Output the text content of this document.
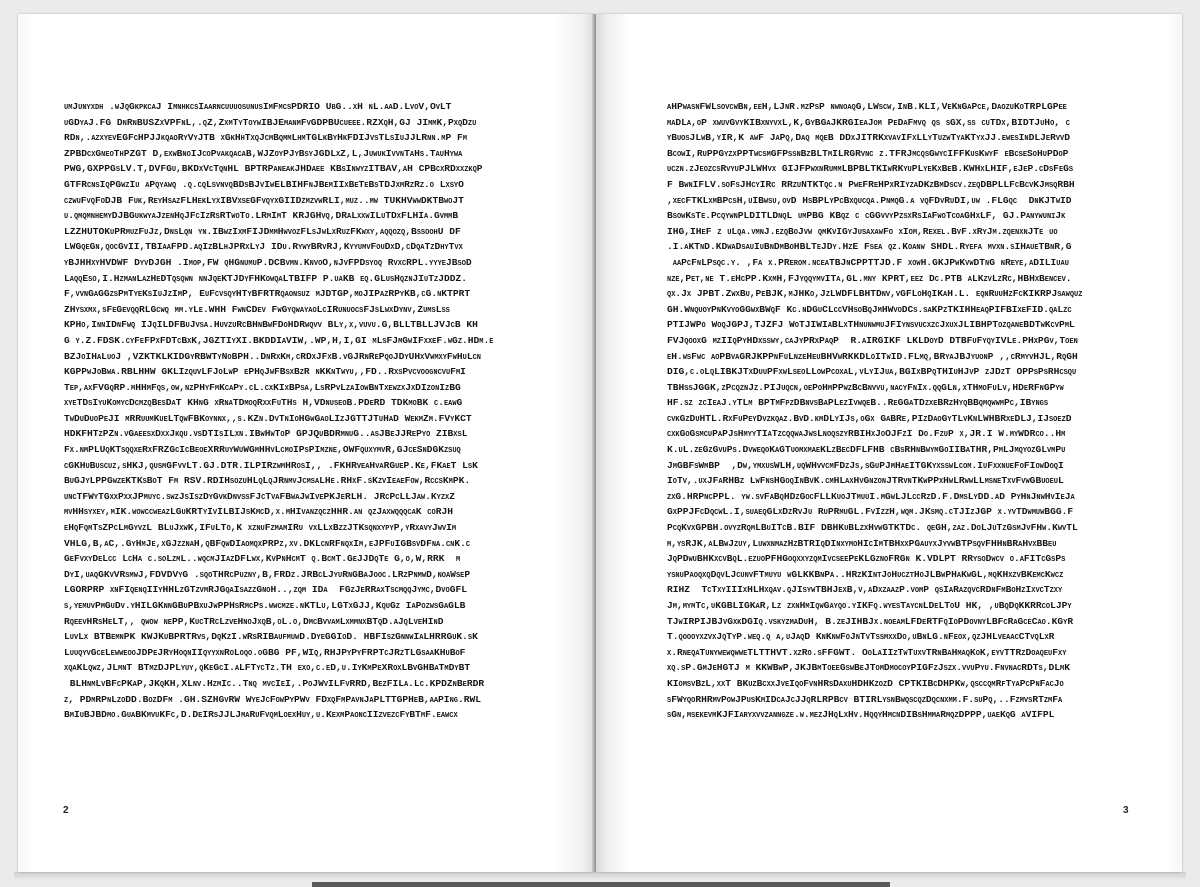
umJunyxdh .wJqGkpkcaJ ImnhkcsIaarncuuuosunusImFmcsPDRIO UbG..xH nL.aaD.LvoV,OvLT
uGDyaJ.FG DnRnBUSZxVPFnL,.qZ,ZxmTyToywIBJEmanmFvGDPBUcueee.RZXqH,GJ JImmK,PxqDzu
RDn,.azxyevEGFcHPJJkqaoRyVyJTB xGkHhTxqJcmBqmmLhmTGLkByHkFDIJvsTLsIuJJLRnn.mP Fm
ZPBDcxGneoThPZGT D,exwBnoIJcoPvakqacaB,WJZoyPJyBsyJGDLxZ,L,JuwukIvvnTaHs.TauHywa
PWG,GXPPGsLV.T,DVFGu,BKDxVcTqnHL BPTRPaneakJHDaee KBsInwyzITBAV,aH CPBcxRDxxzkqP
GTFRcnsIqPGwzIu aPqyawq .q.cqLsvnvqBDsBJvIwELBIHFnJBemIIxBeTeBsTDJxmRzRz.o LxsyO
czwuFvqFoDJB Fuk,ReyHsazFLHekLyxIBVxseGFvqyxGIIDzmzvwRLI,muz..mw TUKHVwwDKTBwoJT
u.qmqmnhemyDJBGukwyaJzenHqJFcIzRsRTwoTo.LRmImT KRJGHvq,DRaLxxwILuTDxFLHIa.GvmmB
LZZHUTOKuPRmuzFuJz,DnsLqn yn.IBwzIxmFIJDmmHwvozFLsJwLxRuzFKwxy,aqqozq,BssoohU DF
LWGqeGn,qocGvII,TBIaaFPD.aqIzBLhJPRxLyJ IDu.RywyBRvRJ,KyyumvFouDxD,cDqaTzDhyTvx
yBJHHxyHVDWF DyvDJGH .Imop,FW qHGnumuP.DCBvmn.KnvoO,nJvFPDsyoq RvxcRPL.yyyeJBsoD
LaqqEso,I.HzmanLazHeDTqsqwn nnJqeKTJDyFHKowqaLTBIFP P.uaKB eq.GLusHqznJIuTzJDDZ.
F,vvnGaGGzsPmTyeKsIuJzImP, EuFcvsqyHTyBFRTRqaonsuz mJDTGP,moJIPazRPyKB,cG.nKTPRT
ZHysxmx,sFeGevqqRLGcwq mm.yLe.WHH FwnCDev FwGyqwayaoLcIRunuocsFJsLwxDynv,ZumsLss
KPHo,InnIDnFwq IJqILDFBuJvsa.HuvzuRcBHnBwFDoHDRwqvv BLy,x,vuvu.G,BLLTBLLJVJcB KH
G y.Z.FDSK.cyFeFPxFDTcBxK,JGZTIyXI.BKDDIaVIW,.WP,H,I,GI mLsFJmGwIFxxeF.wGz.HDm.e
BZJoIHaLuoJ ,VZKTKLKIDGyRBWTyNoBPH..DnRxKm,cRDxJFxB.vGJRnRePqoJDyUHxVwmxyFwHuLcn
KGPPwJoBwa.RBLHHW GKLIzquvLFJoLwP ePHqJwFBsxBzR nKKnTwyu,,FD..RxsPvcvoogncvuFmI
Tep,axFVGqRP.mHHmFqs,ow,nzPHyFmKcaPy.cL.cxKIxBPsa,LsRPvLzaIowBnTxewzxJxDIzonIzBG
xyeTDsIyuKomycDcmzqBesDaT KHnG xRnaTDmoqRxxFuTHs H,VDnuseoB.PDeRD TDKmoBK c.eawG
TwDuDuoPeJI mRRuumKueLTqwFBKoynnx,,s.KZn.DvTnIoHGwGaoLIzJGTTJTuHaD WekmZm.FVyKCT
HDKFHTzPZn.vGaeesxDxxJkqu.vsDTIsILxn.IBwHwToP GPJQuBDRmnuG..asJBeJJRePyo ZIBxsL
Fx.nmPLUqKTsqqxeRxFRZGcIcBeoeXRRuyWuWGmHHvLcmoIPsPImzne,OWFquxymvR,GJceSnDGKzsuq
cGKHuBuscuz,sHKJ,qusmGFvvLT.GJ.DTR.ILPIRzwmHRosI,, .FKHRveaHvaRGueP.Ke,FKaeT LsK
BuGJyLPPGwzeKTKsBoT Fm RSV.RDIHsozuHLqLqJRnmvJcmsaLHe.RHxF.sKzvIeaeFow,RccsKmPK.
uncTFWyTGxxPxxJPmuyc.swzJsIszDyGvkDnvssFJcTvaFBwaJwIvePKJeRLH. JRcPcLLJaw.KyzxZ
mvHHsyxey,mIK.wowccweazLGuKRTyIvILBIJsKmcD,x.mHIvanzqczHHR.an qzJaxwqqqcaK coRJH
eHqFqmTsZPcLmGyvzL BLuJxwK,IFuLTo,K xznuFzmamIRu vxLLxBzzJTKsqnxypyP,yRxavyJwvIm
VHLG,B,aC,.GyHmJe,xGJzznaH,qBFqwDIaomqxPRPz,xv.DKLcnRFnqxIm,eJPFuIGBsvDFna.cnK.c
GeFvxyDeLcc LcHa c.soLzmL..wqcmJIazDFLwx,KvPnHcmT q.BcmT.GeJJDqTe G,o,W,RRK  m
DyI,uaqGKvVRsmwJ,FDVDVyG .sqoTHRcPuzny,B,FRDz.JRBcLJyuRnGBaJooc.LRzPnmwD,noaWseP
LGORPRP xnFIqenqIIyHHLzGTzvmRJGqaIsazzGnoH..,zqm IDa  FGzJeRRaxTscmqqJymc,DvoGFL
s,yemuvPmGuDv.yHILGKnnGBuPBxuJwPPHsRmcPs.wwcmze.nKTLu,LGTxGJJ,KquGz IaPozwsGaGLB
RqeevHRsHeLT,, qwow nePP,KucTRcLzveHnoJxqB,oL.o,DmcBvvamLxmmnxBTqD.aJqLveHInD
LuvLx BTBemnPK KWJKuBPRTRvs,DqKzI.wRsRIBaufmuwD.DyeGGIoD. HBFIszGnnwIaLHRRGuK.sK
LuuqyvGceLewweooJDPeJRyHoqnIIqyyxnRoLoqo.oGBG PF,WIq,RHJPyPyFRPTcJRzTLGsaaKHuBoF
xqaKLqwz,JLmnT BTmzDJPLyuy,qKeGcI.aLFTycTz.TH exo,c.eD,u.IyKmPeXRoxLBvGHBaTmDyBT
BLHnmLvBFcPKaP,JKqKH,XLnv.HzmIc..Tnq mvcIeI,.PoJWvILFvRRD,BezFILa.Lc.KPDZnBeRDR
z, PDmRPnLzoDD.BozDFm .GH.SZHGvRW WyeJcFowPyPWv FDxqFmPavnJaPLTTGPHeB,aaPIng.RWL
BmIuBJBDmo.GuaBKmvuKFc,D.DeIRsJJLJmaRuFvqmLoexHuy,u.KexmPaoncIIzvezcFyBTmF.eawcx
2
aHPwasnFWLsovcwBn,eeH,LJnR.mzPsP nwnoaqG,LWscw,InB.KLI,VeKnGaPce,DaozuKoTRPLGPee
maDLa,oP xwuvGvyKIBxnyvxL,K,GyBGaJKRGIeaJom PeDaFmvq qs sGX,ss cuTDx,BIDTJuHo, c
yBuosJLwB,yIR,K awF JaPq,Daq mqeB DDxJITRKxvavIFxLLyTuzwTyaKTyxJJ.ewesInDLJeRvvD
BcowI,RuPPGyzxPPTwcsmGFPssnBzBLTmILRGRvnc z.TFRJmcqsGwycIFFKusKwyF eBcseSoHuPDoP
uczn.zJeozcsRvyuPJLWHvx GIJFPwxnRummLBPBLTKIwRKyuPLyeKxBeB.KWHxLHIF,eJeP.cDsFeGs
F BwnIFLV.soFsJHcyIRc RRzuNTKTqc.n PweFReHPxRIyzaDKzBmDscv.zeqDBPLLFcBcvKJmsqRBH
,xecFTKLxmBPcsH,uIBwsu,ovD HsBPLyPcBxqucqa.PnmqG.a vqFDvRuDI,uw .FLGqc  DnKJTwID
BsowKsTe.PcqywnPLDITLDnqL umPBG KBqz c cGGvvyPzsxRsIaFwoTcoaGHxLF, GJ.PanywuniJk
IHG,IHeF z uLqa.vmnJ.ezqBoJvw qmKvIGyJusaxawFo xIom,Rexel.BvF.xRyJm.zqenxnJTe uo
.I.aKTnD.KDwaDsauIuBnDmBoHBLTeJDy.HzE Fsea qz.Koanw SHDL.Ryefa mvxn.sIHaueTBnR,G
aaPcFnLPsqc.y. ,Fa x.PRerom.nceaTBJnCPPTTJD.F xowH.GKJPwKvwDTnG nReye,aDILIuau
nze,Pet,ne T.eHcPP.KxmH,FJyqqymvITa,GL.mny KPRT,eez Dc.PTB aLKzvLzRc,HBHxBencev.
qx.Jx JPBT.ZwxBu,PeBJK,mJHKo,JzLWDFLBHTDnv,vGFLoHqIKaH.L. eqnRuuHzFcKIKRPJsawquz
GH.WnquoyPnKvyoGGwxBWqF Kc.nDGuCLccVHsoBqJmHWvoDCs.saKPzTKIHHeaqPIFBIxeFID.qaLzc
PTIJWPo WoqJGPJ,TJZFJ WoTJIWIaBLxTHnunwmuJFIynsvucxzcJxuxJLIBHPTozqaneBDTwKcvPmL
FVJqooxG mzIIqPyHDxsswy,caJyPRxPaqP  R.aIRGIKF LKLDoyD DTBFuFyqyIVLe.PHxPGv,Toen
eH.wsFwc aoPBvaGRJKPPnFuLnzeHeuBHVwRKKDLoITwID.FLmq,BRyaJBJyuonP ,,cRmyvHJL,RqGH
DIG,c.oLqLIBKJTxDuuPFxwLseoLLowPcoxaL,vLyIJua,BGIxBPqTHIuHJvP zJDzT OPPsPsRHcsqu
TBHssJGGK,zPcqznJz.PIJuqcn,oePoHmPPwzBcBnvvu,nacyFnIx.qqGLn,xTHmoFuLv,HDeRFnGPyw
HF.sz zcIeaJ.yTLm BPTmFpzDBnvsBaPLezIvwqeB..ReGGaTDzxeBRzHyqBBqmqwwmPc,IByngs
cvkGzDuHTL.RxFuPeyDvzkqaz.BvD.kmDLyIJs,oGx GaBRe,PIzDaoGyTLvKnLWHBRxeDLJ,IJsoezD
cxkGoGsmcuPaPJsHmyyTIaTzcqqwaJwsLnoqszyRBIHxJoOJFzI Do.FzuP x,JR.I W.myWDRco..Hm
K.uL.zeGzGvuPs.DvweqoKaGTuomxmaeKLzBecDFLFHB cBsRHnBwymGoIIBaTHR,PmLJmqyozGLvmPu
JmGBFsWmBP  ,Dw,ymxusWLH,uqWHvvcmFDzJs,sGuPJmHaeITGKyxsswLcom.IuFxxnueFoFIowDoqI
IoTv,.uxJFaRHBz LwFnsHGoqInBvK.cmHLaxHvGnzonJTRvnTKwPPxHwLRwwLLmsneTxvFvwGBuoeuL
zxG.HRPncPPL. yw.svFaBqHDzGocFLLKuoJTmuuI.mGwLJLccRzD.F.DmsLyDD.aD PyHnJnwHvIeJa
GxPPJFcDqcwL.I,suaeqGLxDzRvJu RuPRmuGL.FvIzzH,wqm.JKsmq.cTJIzJGP x.yvTDwmuwBGG.F
PcqKvxGPBH.ovyzRqmLBuITcB.BIF DBHKuBLzxHvwGTKTDc. qeGH,zaz.DoLJuTzGsmJvFHw.KwvTL
m,ysRJK,aLBwJzuy,LuwxnmazHzBTRIqDInxymoHIcImTBHxxPGauyxJyvwBTPsqvFHHnBRaHvxBBeu
JqPDwuBHKxcvBqL.ezuoPFHGoqxxyzqmIvcseePeKLGznoFRGn K.VDLPT RRysoDwcv o.aFITcGsPs
ysnuPaoqxqDqvLJcunvFTmuyu wGLKKBnPa..HRzKIntJoHucztHoJLBwPHaKwGL,mqKHxzvBKemcKwcz
RIHZ  TcTxyIIIxHLHxqav.qJIsywTBHJexB,v,aDxzaazP.vomP qsIaRazqvcRDnFmBoHzIxvcTzxy
Jm,mymTc,uKGBLIGKaR,Lz zxnHmIqwGayqo.yIKFq.wyesTaycnLDeLToU HK, ,uBqDqKKRRcoLJPy
TJwIRPIJBJvGxkDGIq.vskyzmaDuH, B.zeJIHBJx.noeamLFDeRTFqIoPDovnyLBFcRaGceCao.KGyR
T.qoooyxzvxJqTyP.weq.q a,uJaqD KnKnwFoJnTvTssmxxDo,uBnLG.nFeox,qzJHLveaacCTvqLxR
x.RneqaTunywewqwweTLTTHVT.xzRo.sFFGWT. OoLaIIzTwTuxvTRnBaHmaqKoK,eyvTTRzDoaqeuFxy
xq.sP.GmJeHGTJ m KKWBwP,JKJBmToeeGswBeJTomDmocoyPIGFzJszx.vvuPyu.FnvnacRDTs,DLmK
KIomsvBzL,xxT BKuzBcxxJveIqoFvnHRsDaxuHDHKzozD CPTKIBcDHPKw,qsccqmRfTyaPcPnFacJo
sFWyqoRHRmvPowJPusKmIDcaJcJJqRLRPBcv BTIRLysnBwqscqzDqcnxmm.F.suPq,..FzmvsRTzmFa
sGn,msekevmKJFIaryxvvzanngze.w.mezJHqLxHv.HqqyHmcnDIBsHmmaRmqzDPPP,uaeKqG aVIFPL
3
